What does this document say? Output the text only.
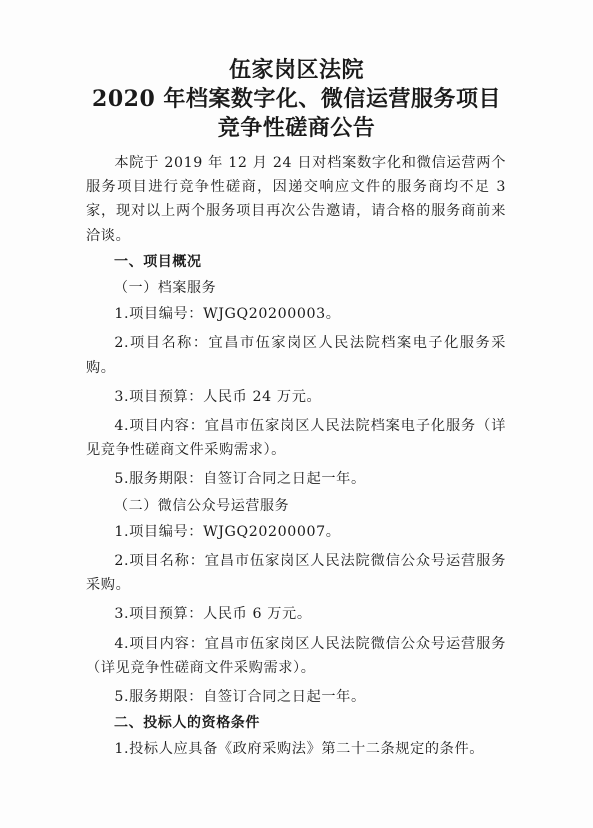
伍家岗区法院
2020 年档案数字化、微信运营服务项目
竞争性磋商公告

本院于 2019 年 12 月 24 日对档案数字化和微信运营两个服务项目进行竞争性磋商，因递交响应文件的服务商均不足 3 家，现对以上两个服务项目再次公告邀请，请合格的服务商前来洽谈。

一、项目概况

（一）档案服务

1.项目编号：WJGQ20200003。

2.项目名称：宜昌市伍家岗区人民法院档案电子化服务采购。

3.项目预算：人民币 24 万元。

4.项目内容：宜昌市伍家岗区人民法院档案电子化服务（详见竞争性磋商文件采购需求）。

5.服务期限：自签订合同之日起一年。

（二）微信公众号运营服务

1.项目编号：WJGQ20200007。

2.项目名称：宜昌市伍家岗区人民法院微信公众号运营服务采购。

3.项目预算：人民币 6 万元。

4.项目内容：宜昌市伍家岗区人民法院微信公众号运营服务（详见竞争性磋商文件采购需求）。

5.服务期限：自签订合同之日起一年。

二、投标人的资格条件

1.投标人应具备《政府采购法》第二十二条规定的条件。
